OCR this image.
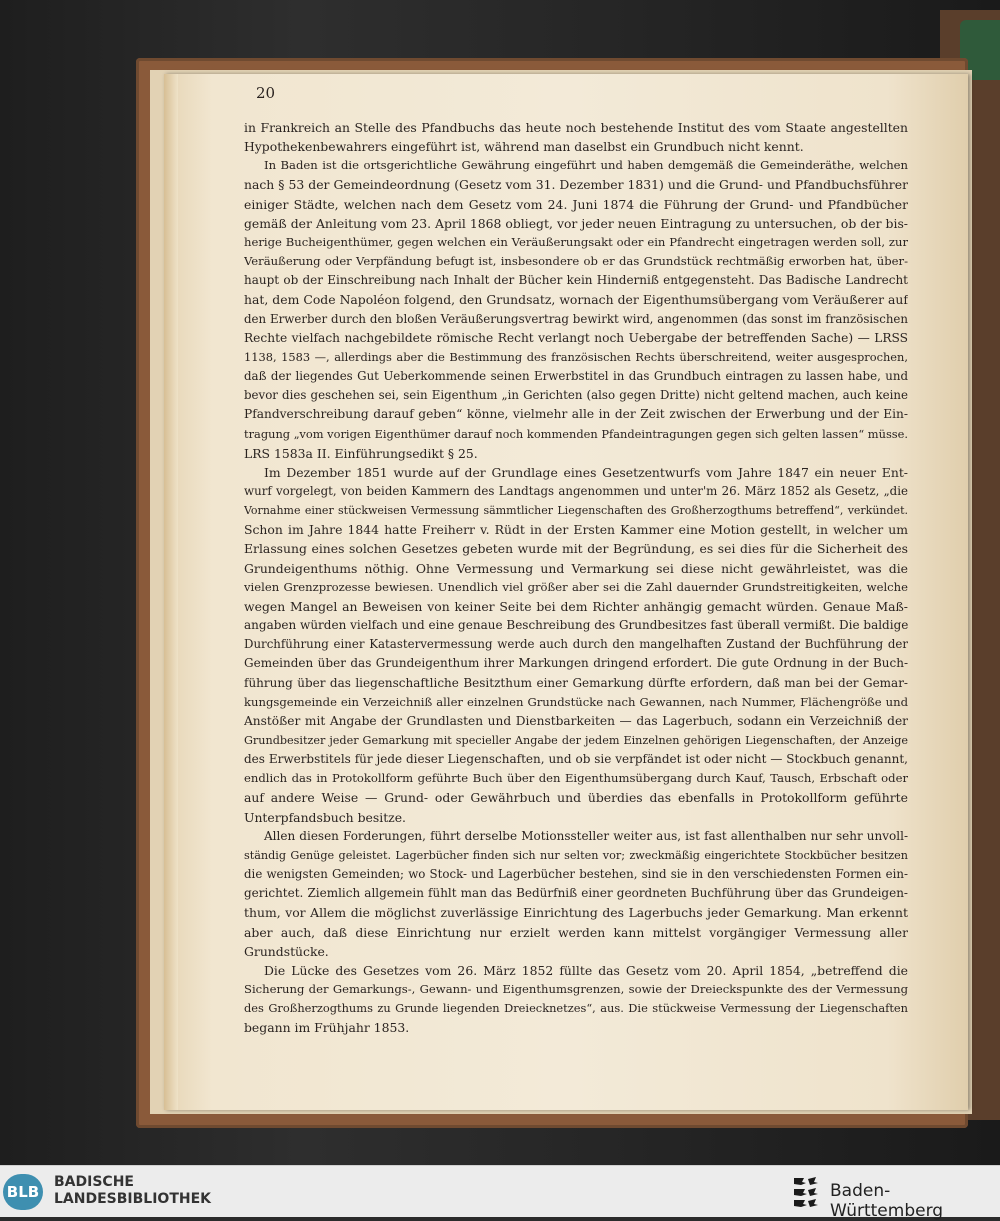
20
in Frankreich an Stelle des Pfandbuchs das heute noch bestehende Institut des vom Staate angestellten
Hypothekenbewahrers eingeführt ist, während man daselbst ein Grundbuch nicht kennt.
In Baden ist die ortsgerichtliche Gewährung eingeführt und haben demgemäß die Gemeinderäthe, welchen
nach § 53 der Gemeindeordnung (Gesetz vom 31. Dezember 1831) und die Grund- und Pfandbuchsführer
einiger Städte, welchen nach dem Gesetz vom 24. Juni 1874 die Führung der Grund- und Pfandbücher
gemäß der Anleitung vom 23. April 1868 obliegt, vor jeder neuen Eintragung zu untersuchen, ob der bis-
herige Bucheigenthümer, gegen welchen ein Veräußerungsakt oder ein Pfandrecht eingetragen werden soll, zur
Veräußerung oder Verpfändung befugt ist, insbesondere ob er das Grundstück rechtmäßig erworben hat, über-
haupt ob der Einschreibung nach Inhalt der Bücher kein Hinderniß entgegensteht. Das Badische Landrecht
hat, dem Code Napoléon folgend, den Grundsatz, wornach der Eigenthumsübergang vom Veräußerer auf
den Erwerber durch den bloßen Veräußerungsvertrag bewirkt wird, angenommen (das sonst im französischen
Rechte vielfach nachgebildete römische Recht verlangt noch Uebergabe der betreffenden Sache) — LRSS
1138, 1583 —, allerdings aber die Bestimmung des französischen Rechts überschreitend, weiter ausgesprochen,
daß der liegendes Gut Ueberkommende seinen Erwerbstitel in das Grundbuch eintragen zu lassen habe, und
bevor dies geschehen sei, sein Eigenthum „in Gerichten (also gegen Dritte) nicht geltend machen, auch keine
Pfandverschreibung darauf geben“ könne, vielmehr alle in der Zeit zwischen der Erwerbung und der Ein-
tragung „vom vorigen Eigenthümer darauf noch kommenden Pfandeintragungen gegen sich gelten lassen“ müsse.
LRS 1583a II. Einführungsedikt § 25.
Im Dezember 1851 wurde auf der Grundlage eines Gesetzentwurfs vom Jahre 1847 ein neuer Ent-
wurf vorgelegt, von beiden Kammern des Landtags angenommen und unter'm 26. März 1852 als Gesetz, „die
Vornahme einer stückweisen Vermessung sämmtlicher Liegenschaften des Großherzogthums betreffend“, verkündet.
Schon im Jahre 1844 hatte Freiherr v. Rüdt in der Ersten Kammer eine Motion gestellt, in welcher um
Erlassung eines solchen Gesetzes gebeten wurde mit der Begründung, es sei dies für die Sicherheit des
Grundeigenthums nöthig. Ohne Vermessung und Vermarkung sei diese nicht gewährleistet, was die
vielen Grenzprozesse bewiesen. Unendlich viel größer aber sei die Zahl dauernder Grundstreitigkeiten, welche
wegen Mangel an Beweisen von keiner Seite bei dem Richter anhängig gemacht würden. Genaue Maß-
angaben würden vielfach und eine genaue Beschreibung des Grundbesitzes fast überall vermißt. Die baldige
Durchführung einer Katastervermessung werde auch durch den mangelhaften Zustand der Buchführung der
Gemeinden über das Grundeigenthum ihrer Markungen dringend erfordert. Die gute Ordnung in der Buch-
führung über das liegenschaftliche Besitzthum einer Gemarkung dürfte erfordern, daß man bei der Gemar-
kungsgemeinde ein Verzeichniß aller einzelnen Grundstücke nach Gewannen, nach Nummer, Flächengröße und
Anstößer mit Angabe der Grundlasten und Dienstbarkeiten — das Lagerbuch, sodann ein Verzeichniß der
Grundbesitzer jeder Gemarkung mit specieller Angabe der jedem Einzelnen gehörigen Liegenschaften, der Anzeige
des Erwerbstitels für jede dieser Liegenschaften, und ob sie verpfändet ist oder nicht — Stockbuch genannt,
endlich das in Protokollform geführte Buch über den Eigenthumsübergang durch Kauf, Tausch, Erbschaft oder
auf andere Weise — Grund- oder Gewährbuch und überdies das ebenfalls in Protokollform geführte
Unterpfandsbuch besitze.
Allen diesen Forderungen, führt derselbe Motionssteller weiter aus, ist fast allenthalben nur sehr unvoll-
ständig Genüge geleistet. Lagerbücher finden sich nur selten vor; zweckmäßig eingerichtete Stockbücher besitzen
die wenigsten Gemeinden; wo Stock- und Lagerbücher bestehen, sind sie in den verschiedensten Formen ein-
gerichtet. Ziemlich allgemein fühlt man das Bedürfniß einer geordneten Buchführung über das Grundeigen-
thum, vor Allem die möglichst zuverlässige Einrichtung des Lagerbuchs jeder Gemarkung. Man erkennt
aber auch, daß diese Einrichtung nur erzielt werden kann mittelst vorgängiger Vermessung aller
Grundstücke.
Die Lücke des Gesetzes vom 26. März 1852 füllte das Gesetz vom 20. April 1854, „betreffend die
Sicherung der Gemarkungs-, Gewann- und Eigenthumsgrenzen, sowie der Dreieckspunkte des der Vermessung
des Großherzogthums zu Grunde liegenden Dreiecknetzes“, aus. Die stückweise Vermessung der Liegenschaften
begann im Frühjahr 1853.
BLB
BADISCHE
LANDESBIBLIOTHEK	Baden-Württemberg
